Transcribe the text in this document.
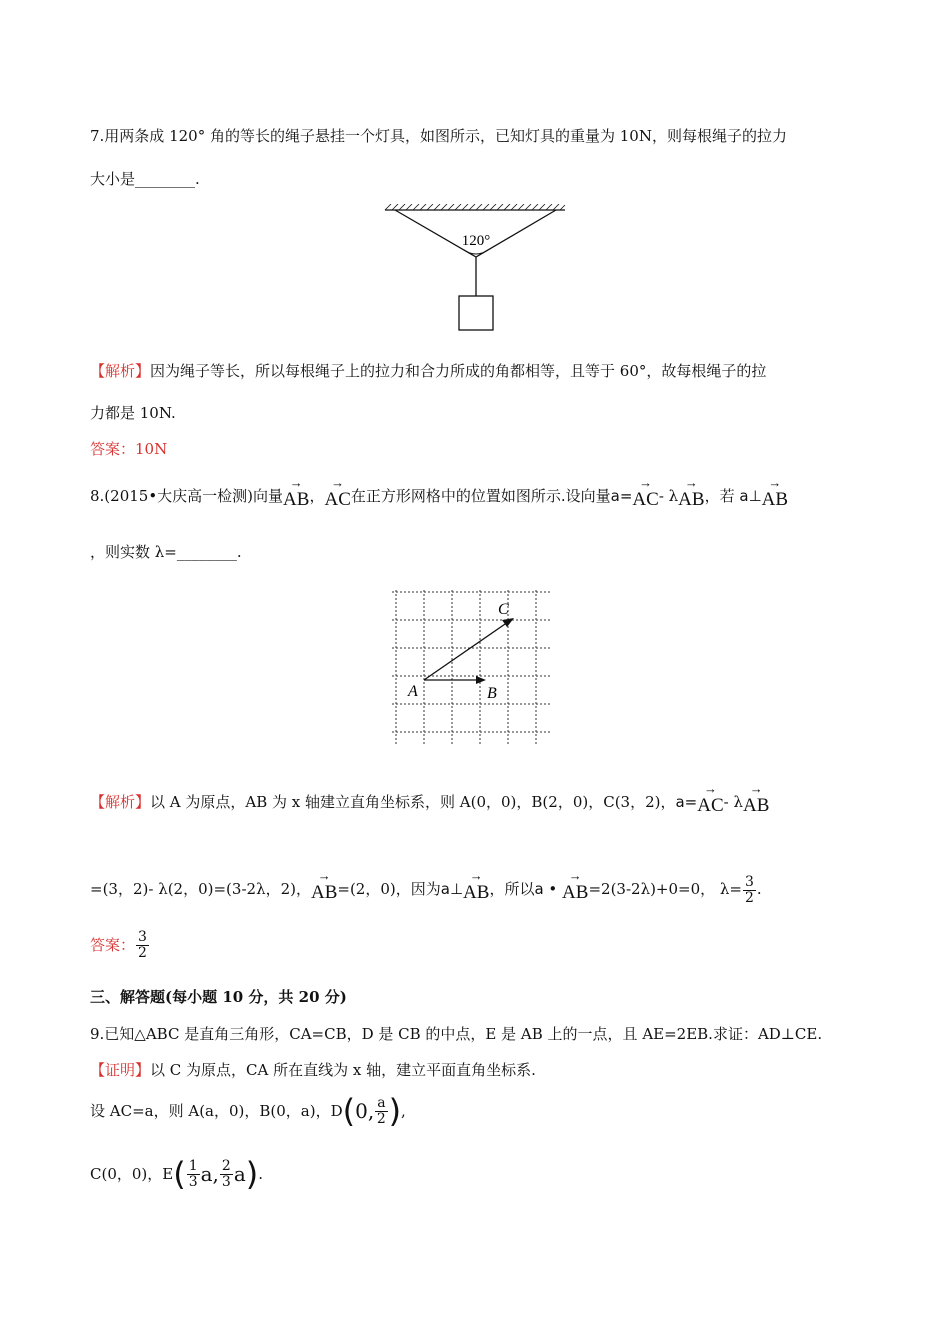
7.用两条成 120° 角的等长的绳子悬挂一个灯具，如图所示，已知灯具的重量为 10N，则每根绳子的拉力
大小是________.
120°
【解析】因为绳子等长，所以每根绳子上的拉力和合力所成的角都相等，且等于 60°，故每根绳子的拉
力都是 10N.
答案：10N
8.(2015•大庆高一检测)向量
→
AB，
→
AC在正方形网格中的位置如图所示.设向量a=
→
AC- λ
→
AB，若 a⊥
→
AB
，则实数 λ=________.
A	B
C
【解析】以 A 为原点，AB 为 x 轴建立直角坐标系，则 A(0，0)，B(2，0)，C(3，2)，a=
→
AC- λ
→
AB
=(3，2)- λ(2，0)=(3-2λ，2)，
→
AB=(2，0)，因为a⊥
→
AB，所以a •
→
AB=2(3-2λ)+0=0， $\lambda= \frac{3}{2}$ .
答案： $\frac{3}{2}$
三、解答题(每小题 10 分，共 20 分)
9.已知△ABC 是直角三角形，CA=CB，D 是 CB 的中点，E 是 AB 上的一点，且 AE=2EB.求证：AD⊥CE.
【证明】以 C 为原点，CA 所在直线为 x 轴，建立平面直角坐标系.
设 AC=a，则 A(a，0)，B(0，a)，D(0, $\frac{a}{2}$ ),
C(0，0)，$E( \frac{1}{3} a$, $\frac{2}{3} a$).
